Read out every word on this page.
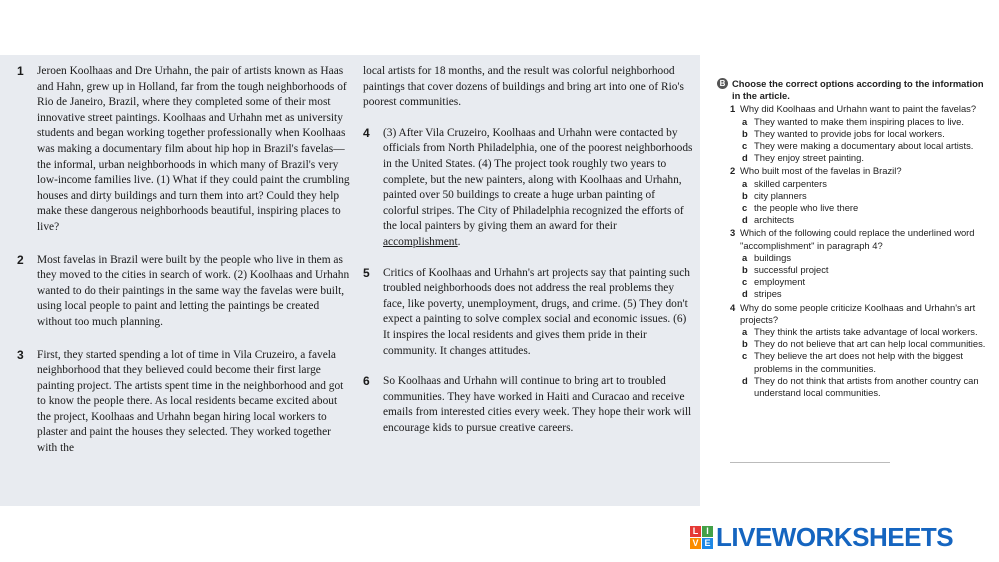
1	Jeroen Koolhaas and Dre Urhahn, the pair of artists known as Haas and Hahn, grew up in Holland, far from the tough neighborhoods of Rio de Janeiro, Brazil, where they completed some of their most innovative street paintings. Koolhaas and Urhahn met as university students and began working together professionally when Koolhaas was making a documentary film about hip hop in Brazil's favelas—the informal, urban neighborhoods in which many of Brazil's very low-income families live. (1) What if they could paint the crumbling houses and dirty buildings and turn them into art? Could they help make these dangerous neighborhoods beautiful, inspiring places to live?
2	Most favelas in Brazil were built by the people who live in them as they moved to the cities in search of work. (2) Koolhaas and Urhahn wanted to do their paintings in the same way the favelas were built, using local people to paint and letting the paintings be created without too much planning.
3	First, they started spending a lot of time in Vila Cruzeiro, a favela neighborhood that they believed could become their first large painting project. The artists spent time in the neighborhood and got to know the people there. As local residents became excited about the project, Koolhaas and Urhahn began hiring local workers to plaster and paint the houses they selected. They worked together with the
local artists for 18 months, and the result was colorful neighborhood paintings that cover dozens of buildings and bring art into one of Rio's poorest communities.
4	(3) After Vila Cruzeiro, Koolhaas and Urhahn were contacted by officials from North Philadelphia, one of the poorest neighborhoods in the United States. (4) The project took roughly two years to complete, but the new painters, along with Koolhaas and Urhahn, painted over 50 buildings to create a huge urban painting of colorful stripes. The City of Philadelphia recognized the efforts of the local painters by giving them an award for their accomplishment.
5	Critics of Koolhaas and Urhahn's art projects say that painting such troubled neighborhoods does not address the real problems they face, like poverty, unemployment, drugs, and crime. (5) They don't expect a painting to solve complex social and economic issues. (6) It inspires the local residents and gives them pride in their community. It changes attitudes.
6	So Koolhaas and Urhahn will continue to bring art to troubled communities. They have worked in Haiti and Curacao and receive emails from interested cities every week. They hope their work will encourage kids to pursue creative careers.
B Choose the correct options according to the information in the article.
1 Why did Koolhaas and Urhahn want to paint the favelas?
a They wanted to make them inspiring places to live.
b They wanted to provide jobs for local workers.
c They were making a documentary about local artists.
d They enjoy street painting.
2 Who built most of the favelas in Brazil?
a skilled carpenters
b city planners
c the people who live there
d architects
3 Which of the following could replace the underlined word "accomplishment" in paragraph 4?
a buildings
b successful project
c employment
d stripes
4 Why do some people criticize Koolhaas and Urhahn's art projects?
a They think the artists take advantage of local workers.
b They do not believe that art can help local communities.
c They believe the art does not help with the biggest problems in the communities.
d They do not think that artists from another country can understand local communities.
L I
V E LIVEWORKSHEETS
